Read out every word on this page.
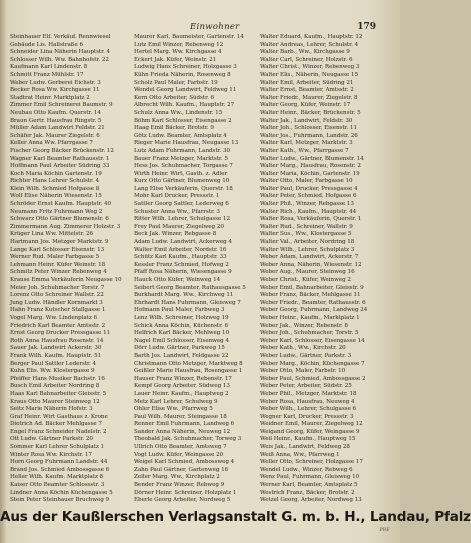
Einwohner	179
Steinhauer Elf. Verkäuf. Rennwiesel
Gebäude Lis. Hallstraße 6
Schneider Lina Näherin Hauptstr. 4
Schlosser Wilh. Ww. Bahnhofstr. 22
Kaufmann Karl Lindenstr. 8
Schmitt Franz Mühlstr. 17
Weber Ludw. Gerberei Eichstr. 3
Becker Rosa Ww. Kirchgasse 11
Stadtrat Heinr. Marktplatz 2
Zimmer Emil Schreinerei Baumstr. 9
Neubau Otto Kaufm. Querstr. 14
Braun Gertr. Hausfrau Ringstr. 5
Müller Adam Landwirt Feldstr. 21
Schäfer Jak. Maurer Ziegelstr. 6
Keller Anna Ww. Pfarrgasse 7
Fischer Georg Bäcker Brückenstr. 12
Wagner Karl Beamter Rathausstr. 1
Hoffmann Paul Arbeiter Südring 33
Koch Maria Köchin Gartenstr. 19
Richter Hans Lehrer Schulstr. 4
Klein Wilh. Schmied Hofgasse 8
Wolf Elise Näherin Wiesenstr. 15
Schröder Ernst Kaufm. Hauptstr. 40
Neumann Fritz Fuhrmann Weg 2
Schwarz Otto Gärtner Blumenstr. 6
Zimmermann Aug. Zimmerer Holzstr. 3
Krüger Lina Ww. Mittelstr. 26
Hartmann Jos. Metzger Marktstr. 9
Lange Karl Schlosser Eisenstr. 13
Werner Rud. Maler Farbgasse 5
Lehmann Heinr. Küfer Weinstr. 18
Schmitz Peter Winzer Rebenweg 4
Krause Emma Verkäuferin Neugasse 10
Meier Joh. Schuhmacher Torstr. 7
Lorenz Otto Schreiner Wallstr. 22
Jung Ludw. Händler Kornmarkt 3
Hahn Franz Kutscher Stallgasse 1
Vogel Marg. Ww. Lindenplatz 6
Friedrich Karl Beamter Amtsstr. 2
Ernst Georg Drucker Pressgasse 11
Roth Anna Hausfrau Rosenstr. 14
Sauer Jak. Landwirt Ackerstr. 30
Frank Wilh. Kaufm. Hauptstr. 51
Berger Paul Sattler Lederstr. 4
Kuhn Elis. Ww. Klostergasse 9
Pfeiffer Hans Musiker Bachstr. 16
Busch Emil Arbeiter Nordring 8
Haas Karl Bahnarbeiter Gleisstr. 5
Kraus Otto Maurer Steinweg 12
Seitz Marie Näherin Hofstr. 3
Graf Heinr. Wirt Gasthaus z. Krone
Dietrich Ad. Bäcker Mehlgasse 7
Engel Franz Schneider Nadelstr. 2
Ott Ludw. Gärtner Parkstr. 20
Sommer Karl Lehrer Schulplatz 1
Winter Rosa Ww. Kirchstr. 17
Horn Georg Fuhrmann Landstr. 44
Brand Jos. Schmied Ambossgasse 6
Heller Wilh. Kaufm. Marktplatz 8
Kaiser Otto Beamter Schlossstr. 3
Lindner Anna Köchin Küchengasse 5
Stein Peter Steinhauer Bruchweg 9
Maurer Karl, Baumeister, Gartenstr. 14
Lutz Emil Winzer, Rebenweg 12
Hertel Marg. Ww. Kirchgasse 4
Eckert Jak. Küfer, Weinstr. 21
Ludwig Hans Schreiner, Holzgasse 3
Kühn Frieda Näherin, Rosenweg 8
Scholz Paul Maler, Farbstr. 19
Wendel Georg Landwirt, Feldweg 11
Kern Otto Arbeiter, Südstr. 6
Albrecht Wilh. Kaufm., Hauptstr. 27
Schulz Anna Ww., Lindenstr. 15
Böhm Karl Schlosser, Eisengasse 2
Haag Emil Bäcker, Brotstr. 9
Götz Ludw. Beamter, Amtsplatz 4
Rieger Marie Hausfrau, Neugasse 13
Lutz Adam Fuhrmann, Landstr. 30
Bauer Franz Metzger, Marktstr. 5
Hess Jos. Schuhmacher, Torgasse 7
Wirth Heinr. Wirt, Gasth. z. Adler
Kurz Otto Gärtner, Blumenweg 10
Lang Elise Verkäuferin, Querstr. 18
Mohr Karl Drucker, Pressstr. 1
Sattler Georg Sattler, Lederweg 6
Schuster Anna Ww., Pfarrstr. 3
Ritter Wilh. Lehrer, Schulgasse 12
Frey Paul Maurer, Ziegelweg 20
Beck Jak. Winzer, Rebgasse 8
Adam Ludw. Landwirt, Ackerweg 4
Walter Emil Arbeiter, Nordstr. 16
Schütz Karl Kaufm., Hauptstr. 33
Kessler Franz Schmied, Hofweg 2
Pfaff Rosa Näherin, Wiesengasse 9
Hauck Otto Küfer, Weinweg 14
Seibert Georg Beamter, Rathausgasse 5
Burkhardt Marg. Ww., Kirchweg 11
Ehrhardt Hans Fuhrmann, Gleisweg 7
Hofmann Paul Maler, Farbweg 3
Lenz Wilh. Schreiner, Holzweg 19
Schick Anna Köchin, Küchenstr. 6
Helfrich Karl Bäcker, Mehlweg 10
Nagel Emil Schlosser, Eisenweg 4
Dörr Ludw. Gärtner, Parkweg 15
Barth Jos. Landwirt, Feldgasse 22
Christmann Otto Metzger, Marktweg 8
Geißler Marie Hausfrau, Rosengasse 1
Hauser Franz Winzer, Rebenstr. 17
Kempf Georg Arbeiter, Südweg 13
Lauer Heinr. Kaufm., Hauptweg 2
Metz Karl Lehrer, Schulweg 9
Ohler Elise Ww., Pfarrweg 5
Paul Wilh. Maurer, Steingasse 18
Renner Emil Fuhrmann, Landweg 6
Sander Anna Näherin, Neuweg 12
Theobald Jak. Schuhmacher, Torweg 3
Ullrich Otto Beamter, Amtsweg 7
Vogt Ludw. Küfer, Weingasse 20
Weigel Karl Schmied, Ambossweg 4
Zahn Paul Gärtner, Gartenweg 16
Zeller Marg. Ww., Kirchplatz 2
Bender Franz Winzer, Rebweg 9
Dörner Heinr. Schreiner, Holzplatz 1
Eberle Georg Arbeiter, Nordweg 5
Walter Eduard, Kaufm., Hauptstr. 12
Walter Andreas, Lehrer, Schulstr. 4
Walter Barb., Ww., Kirchgasse 9
Walter Carl, Schreiner, Holzstr. 6
Walter Christ., Winzer, Rebenweg 3
Walter Elis., Näherin, Neugasse 15
Walter Emil, Arbeiter, Südring 21
Walter Ernst, Beamter, Amtsstr. 2
Walter Friedr., Maurer, Ziegelstr. 8
Walter Georg, Küfer, Weinstr. 17
Walter Heinr., Bäcker, Brückenstr. 5
Walter Jak., Landwirt, Feldstr. 30
Walter Joh., Schlosser, Eisenstr. 11
Walter Jos., Fuhrmann, Landstr. 26
Walter Karl, Metzger, Marktstr. 3
Walter Kath., Ww., Pfarrgasse 7
Walter Ludw., Gärtner, Blumenstr. 14
Walter Marg., Hausfrau, Rosenstr. 2
Walter Maria, Köchin, Gartenstr. 19
Walter Otto, Maler, Farbgasse 10
Walter Paul, Drucker, Pressgasse 4
Walter Peter, Schmied, Hofgasse 6
Walter Phil., Winzer, Rebgasse 13
Walter Rich., Kaufm., Hauptstr. 44
Walter Rosa, Verkäuferin, Querstr. 1
Walter Rud., Schreiner, Wallstr. 9
Walter Sus., Ww., Klostergasse 5
Walter Val., Arbeiter, Nordring 18
Walter Wilh., Lehrer, Schulplatz 3
Weber Adam, Landwirt, Ackerstr. 7
Weber Anna, Näherin, Wiesenstr. 12
Weber Aug., Maurer, Steinweg 16
Weber Christ., Küfer, Weinweg 2
Weber Emil, Bahnarbeiter, Gleisstr. 9
Weber Franz, Bäcker, Mehlgasse 11
Weber Friedr., Beamter, Rathausstr. 6
Weber Georg, Fuhrmann, Landweg 24
Weber Heinr., Kaufm., Marktplatz 1
Weber Jak., Winzer, Rebenstr. 8
Weber Joh., Schuhmacher, Torstr. 5
Weber Karl, Schlosser, Eisengasse 14
Weber Kath., Ww., Kirchstr. 20
Weber Ludw., Gärtner, Parkstr. 3
Weber Marg., Köchin, Küchengasse 7
Weber Otto, Maler, Farbstr. 10
Weber Paul, Schmied, Ambossgasse 2
Weber Peter, Arbeiter, Südstr. 25
Weber Phil., Metzger, Marktstr. 18
Weber Rosa, Hausfrau, Neuweg 4
Weber Wilh., Lehrer, Schulgasse 6
Wegner Karl, Drucker, Pressstr. 3
Weidner Emil, Maurer, Ziegelweg 12
Weigand Georg, Küfer, Weingasse 9
Weil Heinr., Kaufm., Hauptweg 15
Weis Jak., Landwirt, Feldweg 28
Weiß Anna, Ww., Pfarrweg 1
Weller Otto, Schreiner, Holzgasse 17
Wendel Ludw., Winzer, Rebweg 6
Wenz Paul, Fuhrmann, Gleisweg 10
Werner Karl, Beamter, Amtsplatz 5
Westrich Franz, Bäcker, Brotstr. 2
Wetzel Georg, Arbeiter, Nordweg 13
Aus der Kaußlerschen Verlagsanstalt G. m. b. H., Landau, Pfalz
PRF
